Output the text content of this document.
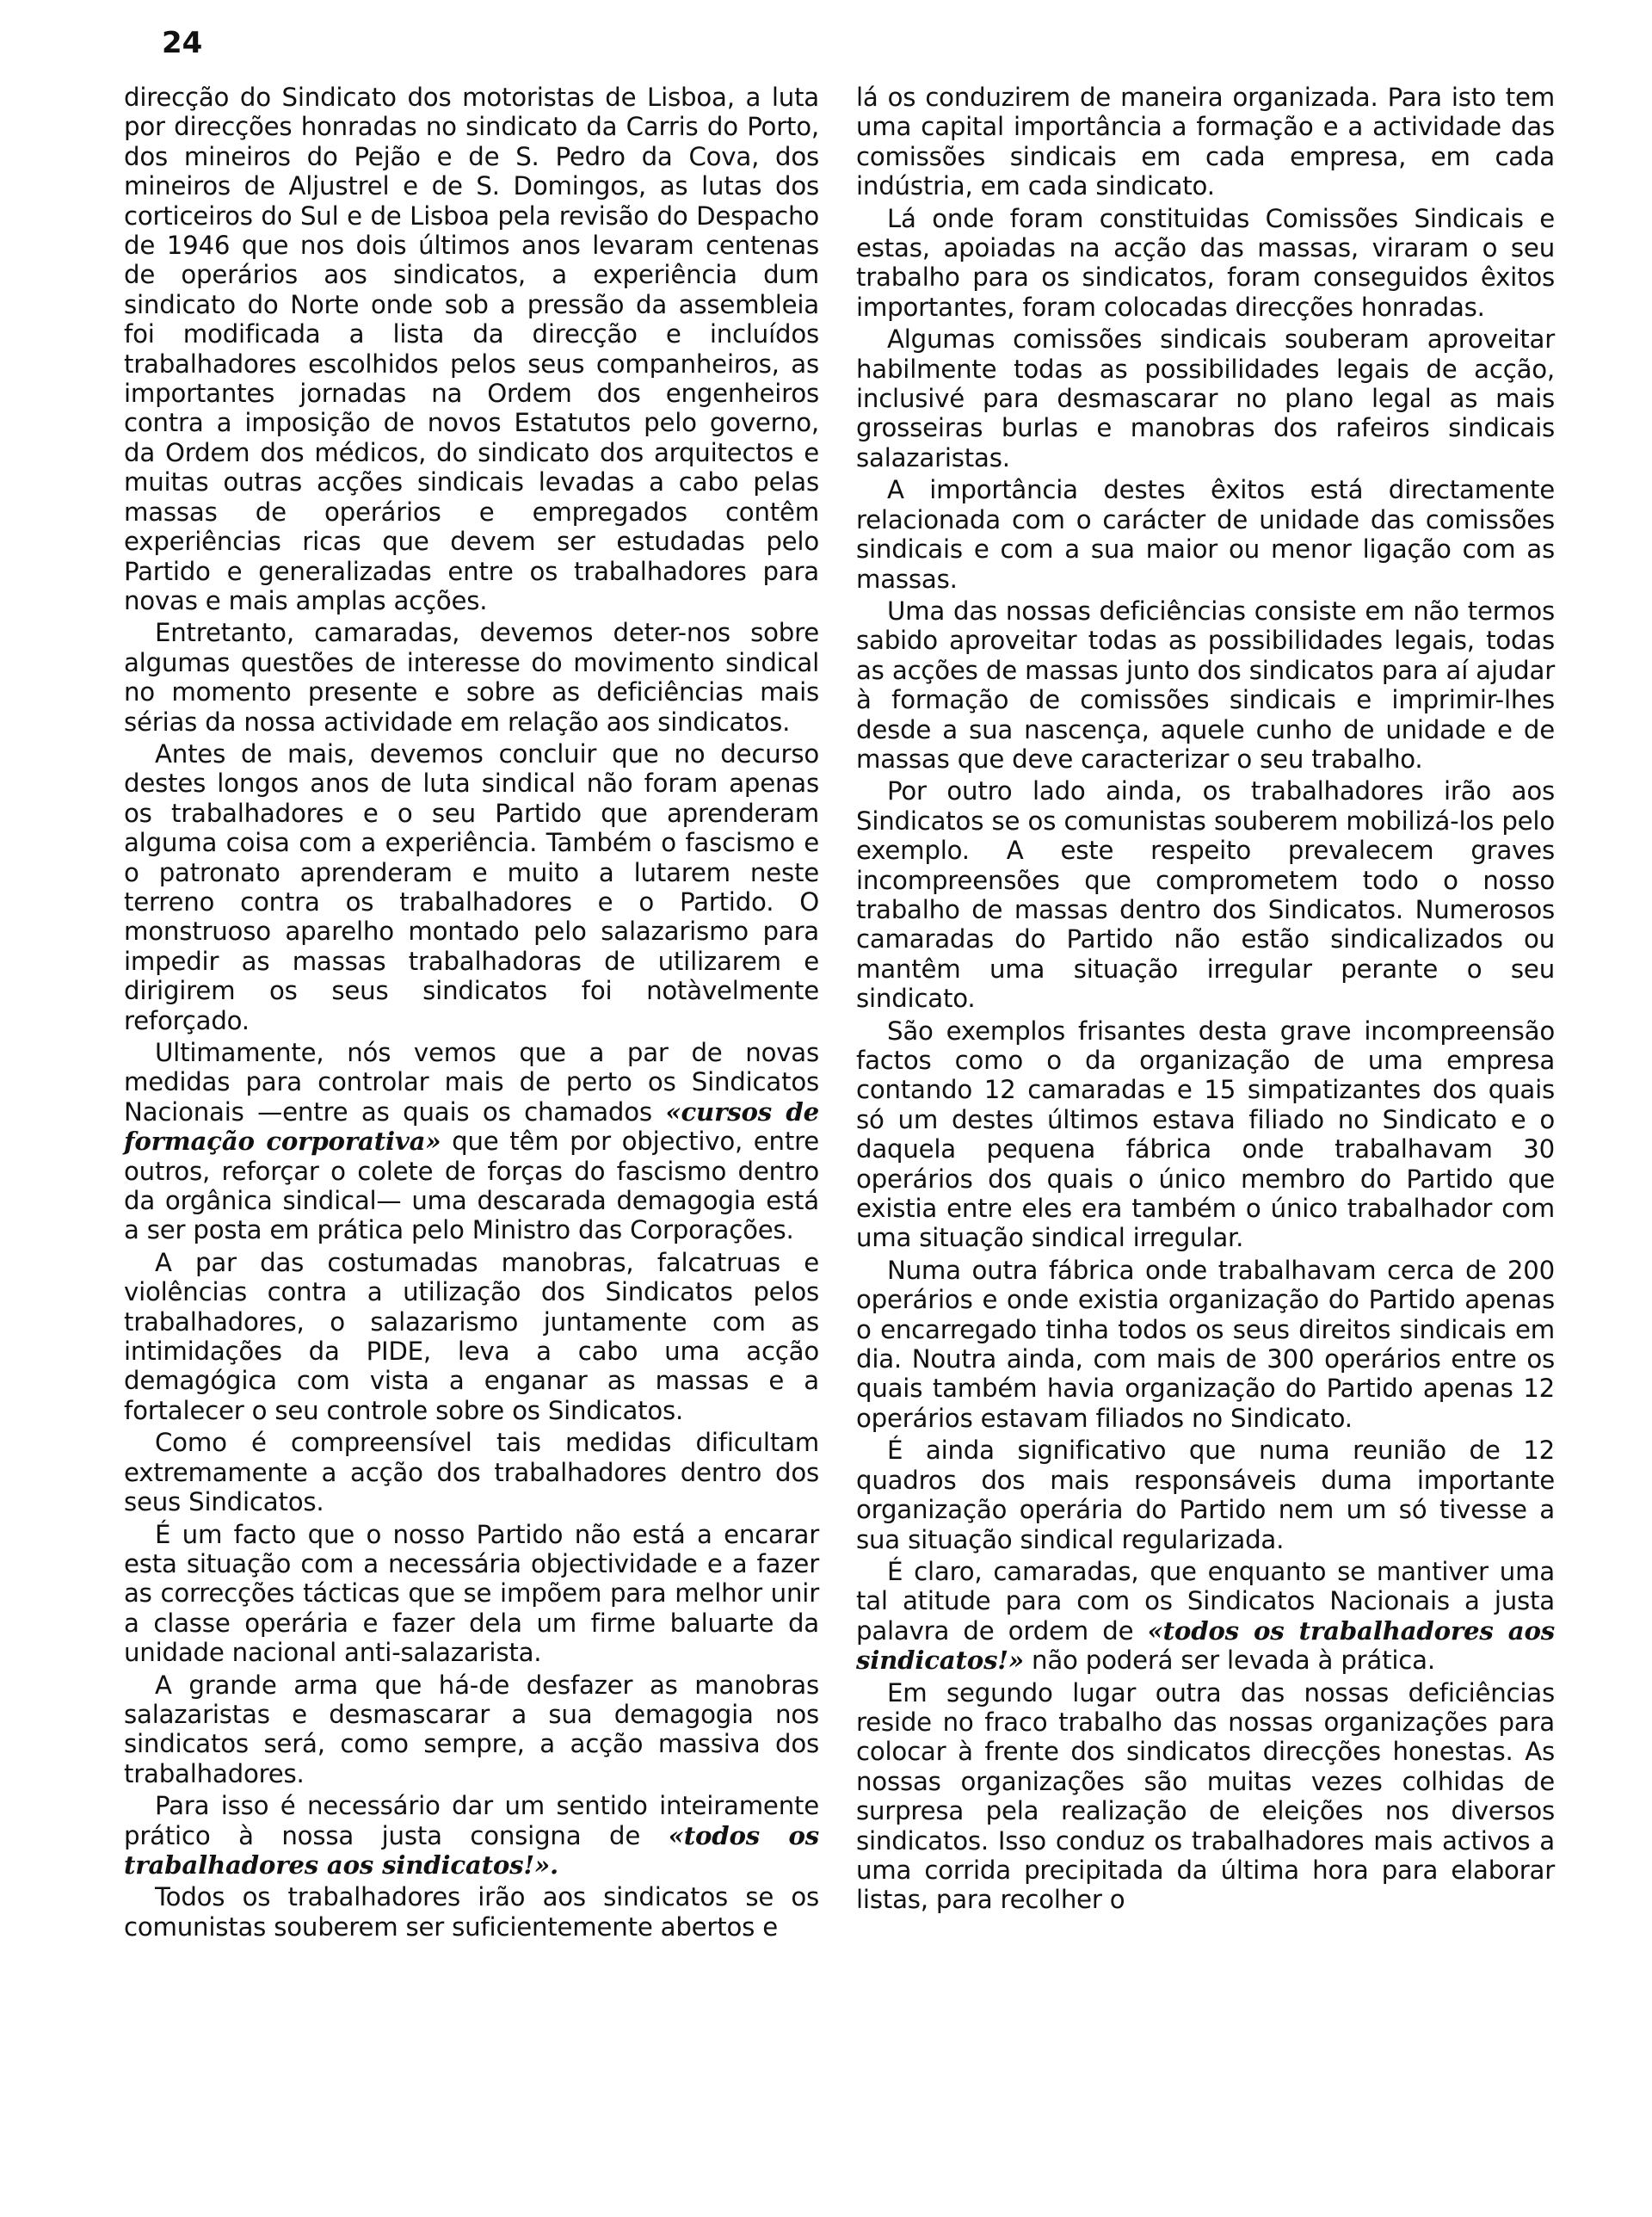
24

direcção do Sindicato dos motoristas de Lisboa, a luta por direcções honradas no sindicato da Carris do Porto, dos mineiros do Pejão e de S. Pedro da Cova, dos mineiros de Aljustrel e de S. Domingos, as lutas dos corticeiros do Sul e de Lisboa pela revisão do Despacho de 1946 que nos dois últimos anos levaram centenas de operários aos sindicatos, a experiência dum sindicato do Norte onde sob a pressão da assembleia foi modificada a lista da direcção e incluídos trabalhadores escolhidos pelos seus companheiros, as importantes jornadas na Ordem dos engenheiros contra a imposição de novos Estatutos pelo governo, da Ordem dos médicos, do sindicato dos arquitectos e muitas outras acções sindicais levadas a cabo pelas massas de operários e empregados contêm experiências ricas que devem ser estudadas pelo Partido e generalizadas entre os trabalhadores para novas e mais amplas acções.

Entretanto, camaradas, devemos deter-nos sobre algumas questões de interesse do movimento sindical no momento presente e sobre as deficiências mais sérias da nossa actividade em relação aos sindicatos.

Antes de mais, devemos concluir que no decurso destes longos anos de luta sindical não foram apenas os trabalhadores e o seu Partido que aprenderam alguma coisa com a experiência. Também o fascismo e o patronato aprenderam e muito a lutarem neste terreno contra os trabalhadores e o Partido. O monstruoso aparelho montado pelo salazarismo para impedir as massas trabalhadoras de utilizarem e dirigirem os seus sindicatos foi notàvelmente reforçado.

Ultimamente, nós vemos que a par de novas medidas para controlar mais de perto os Sindicatos Nacionais —entre as quais os chamados «cursos de formação corporativa» que têm por objectivo, entre outros, reforçar o colete de forças do fascismo dentro da orgânica sindical— uma descarada demagogia está a ser posta em prática pelo Ministro das Corporações.

A par das costumadas manobras, falcatruas e violências contra a utilização dos Sindicatos pelos trabalhadores, o salazarismo juntamente com as intimidações da PIDE, leva a cabo uma acção demagógica com vista a enganar as massas e a fortalecer o seu controle sobre os Sindicatos.

Como é compreensível tais medidas dificultam extremamente a acção dos trabalhadores dentro dos seus Sindicatos.

É um facto que o nosso Partido não está a encarar esta situação com a necessária objectividade e a fazer as correcções tácticas que se impõem para melhor unir a classe operária e fazer dela um firme baluarte da unidade nacional anti-salazarista.

A grande arma que há-de desfazer as manobras salazaristas e desmascarar a sua demagogia nos sindicatos será, como sempre, a acção massiva dos trabalhadores.

Para isso é necessário dar um sentido inteiramente prático à nossa justa consigna de «todos os trabalhadores aos sindicatos!».

Todos os trabalhadores irão aos sindicatos se os comunistas souberem ser suficientemente abertos e

lá os conduzirem de maneira organizada. Para isto tem uma capital importância a formação e a actividade das comissões sindicais em cada empresa, em cada indústria, em cada sindicato.

Lá onde foram constituidas Comissões Sindicais e estas, apoiadas na acção das massas, viraram o seu trabalho para os sindicatos, foram conseguidos êxitos importantes, foram colocadas direcções honradas.

Algumas comissões sindicais souberam aproveitar habilmente todas as possibilidades legais de acção, inclusivé para desmascarar no plano legal as mais grosseiras burlas e manobras dos rafeiros sindicais salazaristas.

A importância destes êxitos está directamente relacionada com o carácter de unidade das comissões sindicais e com a sua maior ou menor ligação com as massas.

Uma das nossas deficiências consiste em não termos sabido aproveitar todas as possibilidades legais, todas as acções de massas junto dos sindicatos para aí ajudar à formação de comissões sindicais e imprimir-lhes desde a sua nascença, aquele cunho de unidade e de massas que deve caracterizar o seu trabalho.

Por outro lado ainda, os trabalhadores irão aos Sindicatos se os comunistas souberem mobilizá-los pelo exemplo. A este respeito prevalecem graves incompreensões que comprometem todo o nosso trabalho de massas dentro dos Sindicatos. Numerosos camaradas do Partido não estão sindicalizados ou mantêm uma situação irregular perante o seu sindicato.

São exemplos frisantes desta grave incompreensão factos como o da organização de uma empresa contando 12 camaradas e 15 simpatizantes dos quais só um destes últimos estava filiado no Sindicato e o daquela pequena fábrica onde trabalhavam 30 operários dos quais o único membro do Partido que existia entre eles era também o único trabalhador com uma situação sindical irregular.

Numa outra fábrica onde trabalhavam cerca de 200 operários e onde existia organização do Partido apenas o encarregado tinha todos os seus direitos sindicais em dia. Noutra ainda, com mais de 300 operários entre os quais também havia organização do Partido apenas 12 operários estavam filiados no Sindicato.

É ainda significativo que numa reunião de 12 quadros dos mais responsáveis duma importante organização operária do Partido nem um só tivesse a sua situação sindical regularizada.

É claro, camaradas, que enquanto se mantiver uma tal atitude para com os Sindicatos Nacionais a justa palavra de ordem de «todos os trabalhadores aos sindicatos!» não poderá ser levada à prática.

Em segundo lugar outra das nossas deficiências reside no fraco trabalho das nossas organizações para colocar à frente dos sindicatos direcções honestas. As nossas organizações são muitas vezes colhidas de surpresa pela realização de eleições nos diversos sindicatos. Isso conduz os trabalhadores mais activos a uma corrida precipitada da última hora para elaborar listas, para recolher o
